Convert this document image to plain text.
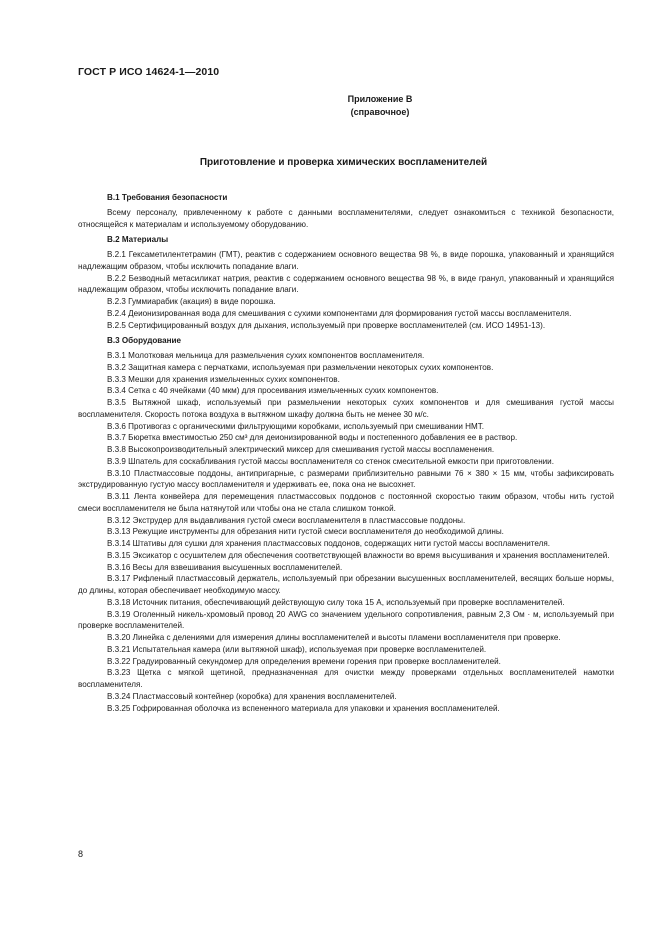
ГОСТ Р ИСО 14624-1—2010
Приложение В
(справочное)
Приготовление и проверка химических воспламенителей

В.1 Требования безопасности

Всему персоналу, привлеченному к работе с данными воспламенителями, следует ознакомиться с техникой безопасности, относящейся к материалам и используемому оборудованию.

В.2 Материалы

В.2.1 Гексаметилентетрамин (ГМТ), реактив с содержанием основного вещества 98 %, в виде порошка, упакованный и хранящийся надлежащим образом, чтобы исключить попадание влаги.

В.2.2 Безводный метасиликат натрия, реактив с содержанием основного вещества 98 %, в виде гранул, упакованный и хранящийся надлежащим образом, чтобы исключить попадание влаги.

В.2.3 Гуммиарабик (акация) в виде порошка.

В.2.4 Деионизированная вода для смешивания с сухими компонентами для формирования густой массы воспламенителя.

В.2.5 Сертифицированный воздух для дыхания, используемый при проверке воспламенителей (см. ИСО 14951-13).

В.3 Оборудование

В.3.1 Молотковая мельница для размельчения сухих компонентов воспламенителя.

В.3.2 Защитная камера с перчатками, используемая при размельчении некоторых сухих компонентов.

В.3.3 Мешки для хранения измельченных сухих компонентов.

В.3.4 Сетка с 40 ячейками (40 мкм) для просеивания измельченных сухих компонентов.

В.3.5 Вытяжной шкаф, используемый при размельчении некоторых сухих компонентов и для смешивания густой массы воспламенителя. Скорость потока воздуха в вытяжном шкафу должна быть не менее 30 м/с.

В.3.6 Противогаз с органическими фильтрующими коробками, используемый при смешивании НМТ.

В.3.7 Бюретка вместимостью 250 см³ для деионизированной воды и постепенного добавления ее в раствор.

В.3.8 Высокопроизводительный электрический миксер для смешивания густой массы воспламенения.

В.3.9 Шпатель для соскабливания густой массы воспламенителя со стенок смесительной емкости при приготовлении.

В.3.10 Пластмассовые поддоны, антипригарные, с размерами приблизительно равными 76 × 380 × 15 мм, чтобы зафиксировать экструдированную густую массу воспламенителя и удерживать ее, пока она не высохнет.

В.3.11 Лента конвейера для перемещения пластмассовых поддонов с постоянной скоростью таким образом, чтобы нить густой смеси воспламенителя не была натянутой или чтобы она не стала слишком тонкой.

В.3.12 Экструдер для выдавливания густой смеси воспламенителя в пластмассовые поддоны.

В.3.13 Режущие инструменты для обрезания нити густой смеси воспламенителя до необходимой длины.

В.3.14 Штативы для сушки для хранения пластмассовых поддонов, содержащих нити густой массы воспламенителя.

В.3.15 Эксикатор с осушителем для обеспечения соответствующей влажности во время высушивания и хранения воспламенителей.

В.3.16 Весы для взвешивания высушенных воспламенителей.

В.3.17 Рифленый пластмассовый держатель, используемый при обрезании высушенных воспламенителей, весящих больше нормы, до длины, которая обеспечивает необходимую массу.

В.3.18 Источник питания, обеспечивающий действующую силу тока 15 А, используемый при проверке воспламенителей.

В.3.19 Оголенный никель-хромовый провод 20 AWG со значением удельного сопротивления, равным 2,3 Ом · м, используемый при проверке воспламенителей.

В.3.20 Линейка с делениями для измерения длины воспламенителей и высоты пламени воспламенителя при проверке.

В.3.21 Испытательная камера (или вытяжной шкаф), используемая при проверке воспламенителей.

В.3.22 Градуированный секундомер для определения времени горения при проверке воспламенителей.

В.3.23 Щетка с мягкой щетиной, предназначенная для очистки между проверками отдельных воспламенителей намотки воспламенителя.

В.3.24 Пластмассовый контейнер (коробка) для хранения воспламенителей.

В.3.25 Гофрированная оболочка из вспененного материала для упаковки и хранения воспламенителей.

8
